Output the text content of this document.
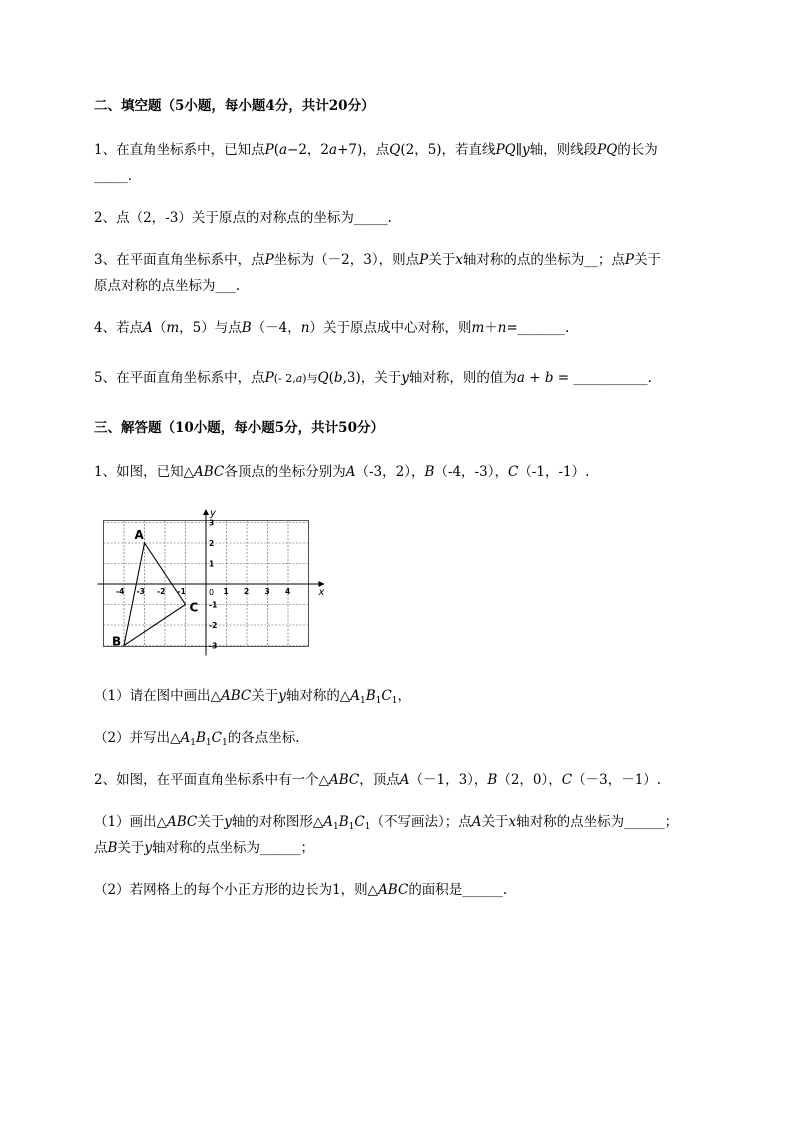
二、填空题（5小题，每小题4分，共计20分）
1、在直角坐标系中，已知点P(a−2，2a+7)，点Q(2，5)，若直线PQ∥y轴，则线段PQ的长为
_____.
2、点（2，-3）关于原点的对称点的坐标为_____.
3、在平面直角坐标系中，点P坐标为（－2，3），则点P关于x轴对称的点的坐标为__；点P关于
原点对称的点坐标为___.
4、若点A（m，5）与点B（－4，n）关于原点成中心对称，则m＋n=_______.
5、在平面直角坐标系中，点P(- 2,a)与Q(b,3)，关于y轴对称，则的值为a + b = ___________.
三、解答题（10小题，每小题5分，共计50分）
1、如图，已知△ABC各顶点的坐标分别为A（-3，2），B（-4，-3），C（-1，-1）.
x
y
0
-4 -3 -2 -1	1 2 3 4
3
2
1
-1
-2
-3
A
B
C
（1）请在图中画出△ABC关于y轴对称的$\triangle A_1B_1C_1$，
（2）并写出$\triangle A_1B_1C_1$的各点坐标.
2、如图，在平面直角坐标系中有一个△ABC，顶点A（－1，3），B（2，0），C（－3，－1）.
（1）画出△ABC关于y轴的对称图形$\triangle A_1B_1C_1$（不写画法）；点A关于x轴对称的点坐标为______；
点B关于y轴对称的点坐标为______；
（2）若网格上的每个小正方形的边长为1，则△ABC的面积是______.
